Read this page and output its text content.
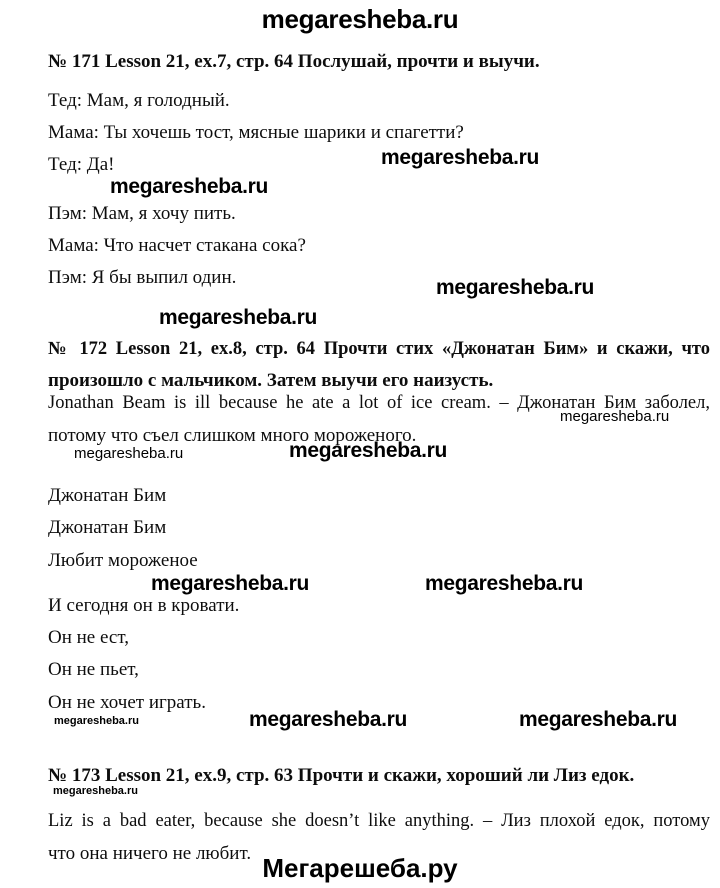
megaresheba.ru
№ 171 Lesson 21, ex.7, стр. 64 Послушай, прочти и выучи.
Тед: Мам, я голодный.
Мама: Ты хочешь тост, мясные шарики и спагетти?
Тед: Да!
Пэм: Мам, я хочу пить.
Мама: Что насчет стакана сока?
Пэм: Я бы выпил один.
№ 172 Lesson 21, ex.8, стр. 64 Прочти стих «Джонатан Бим» и скажи, что
произошло с мальчиком. Затем выучи его наизусть.
Jonathan Beam is ill because he ate a lot of ice cream. – Джонатан Бим заболел,
потому что съел слишком много мороженого.
Джонатан Бим
Джонатан Бим
Любит мороженое
И сегодня он в кровати.
Он не ест,
Он не пьет,
Он не хочет играть.
№ 173 Lesson 21, ex.9, стр. 63 Прочти и скажи, хороший ли Лиз едок.
Liz is a bad eater, because she doesn’t like anything. – Лиз плохой едок, потому
что она ничего не любит.
megaresheba.ru
megaresheba.ru
megaresheba.ru
megaresheba.ru
megaresheba.ru	megaresheba.ru
megaresheba.ru
megaresheba.ru	megaresheba.ru
megaresheba.ru	megaresheba.ru	megaresheba.ru
megaresheba.ru
Мегарешеба.ру
